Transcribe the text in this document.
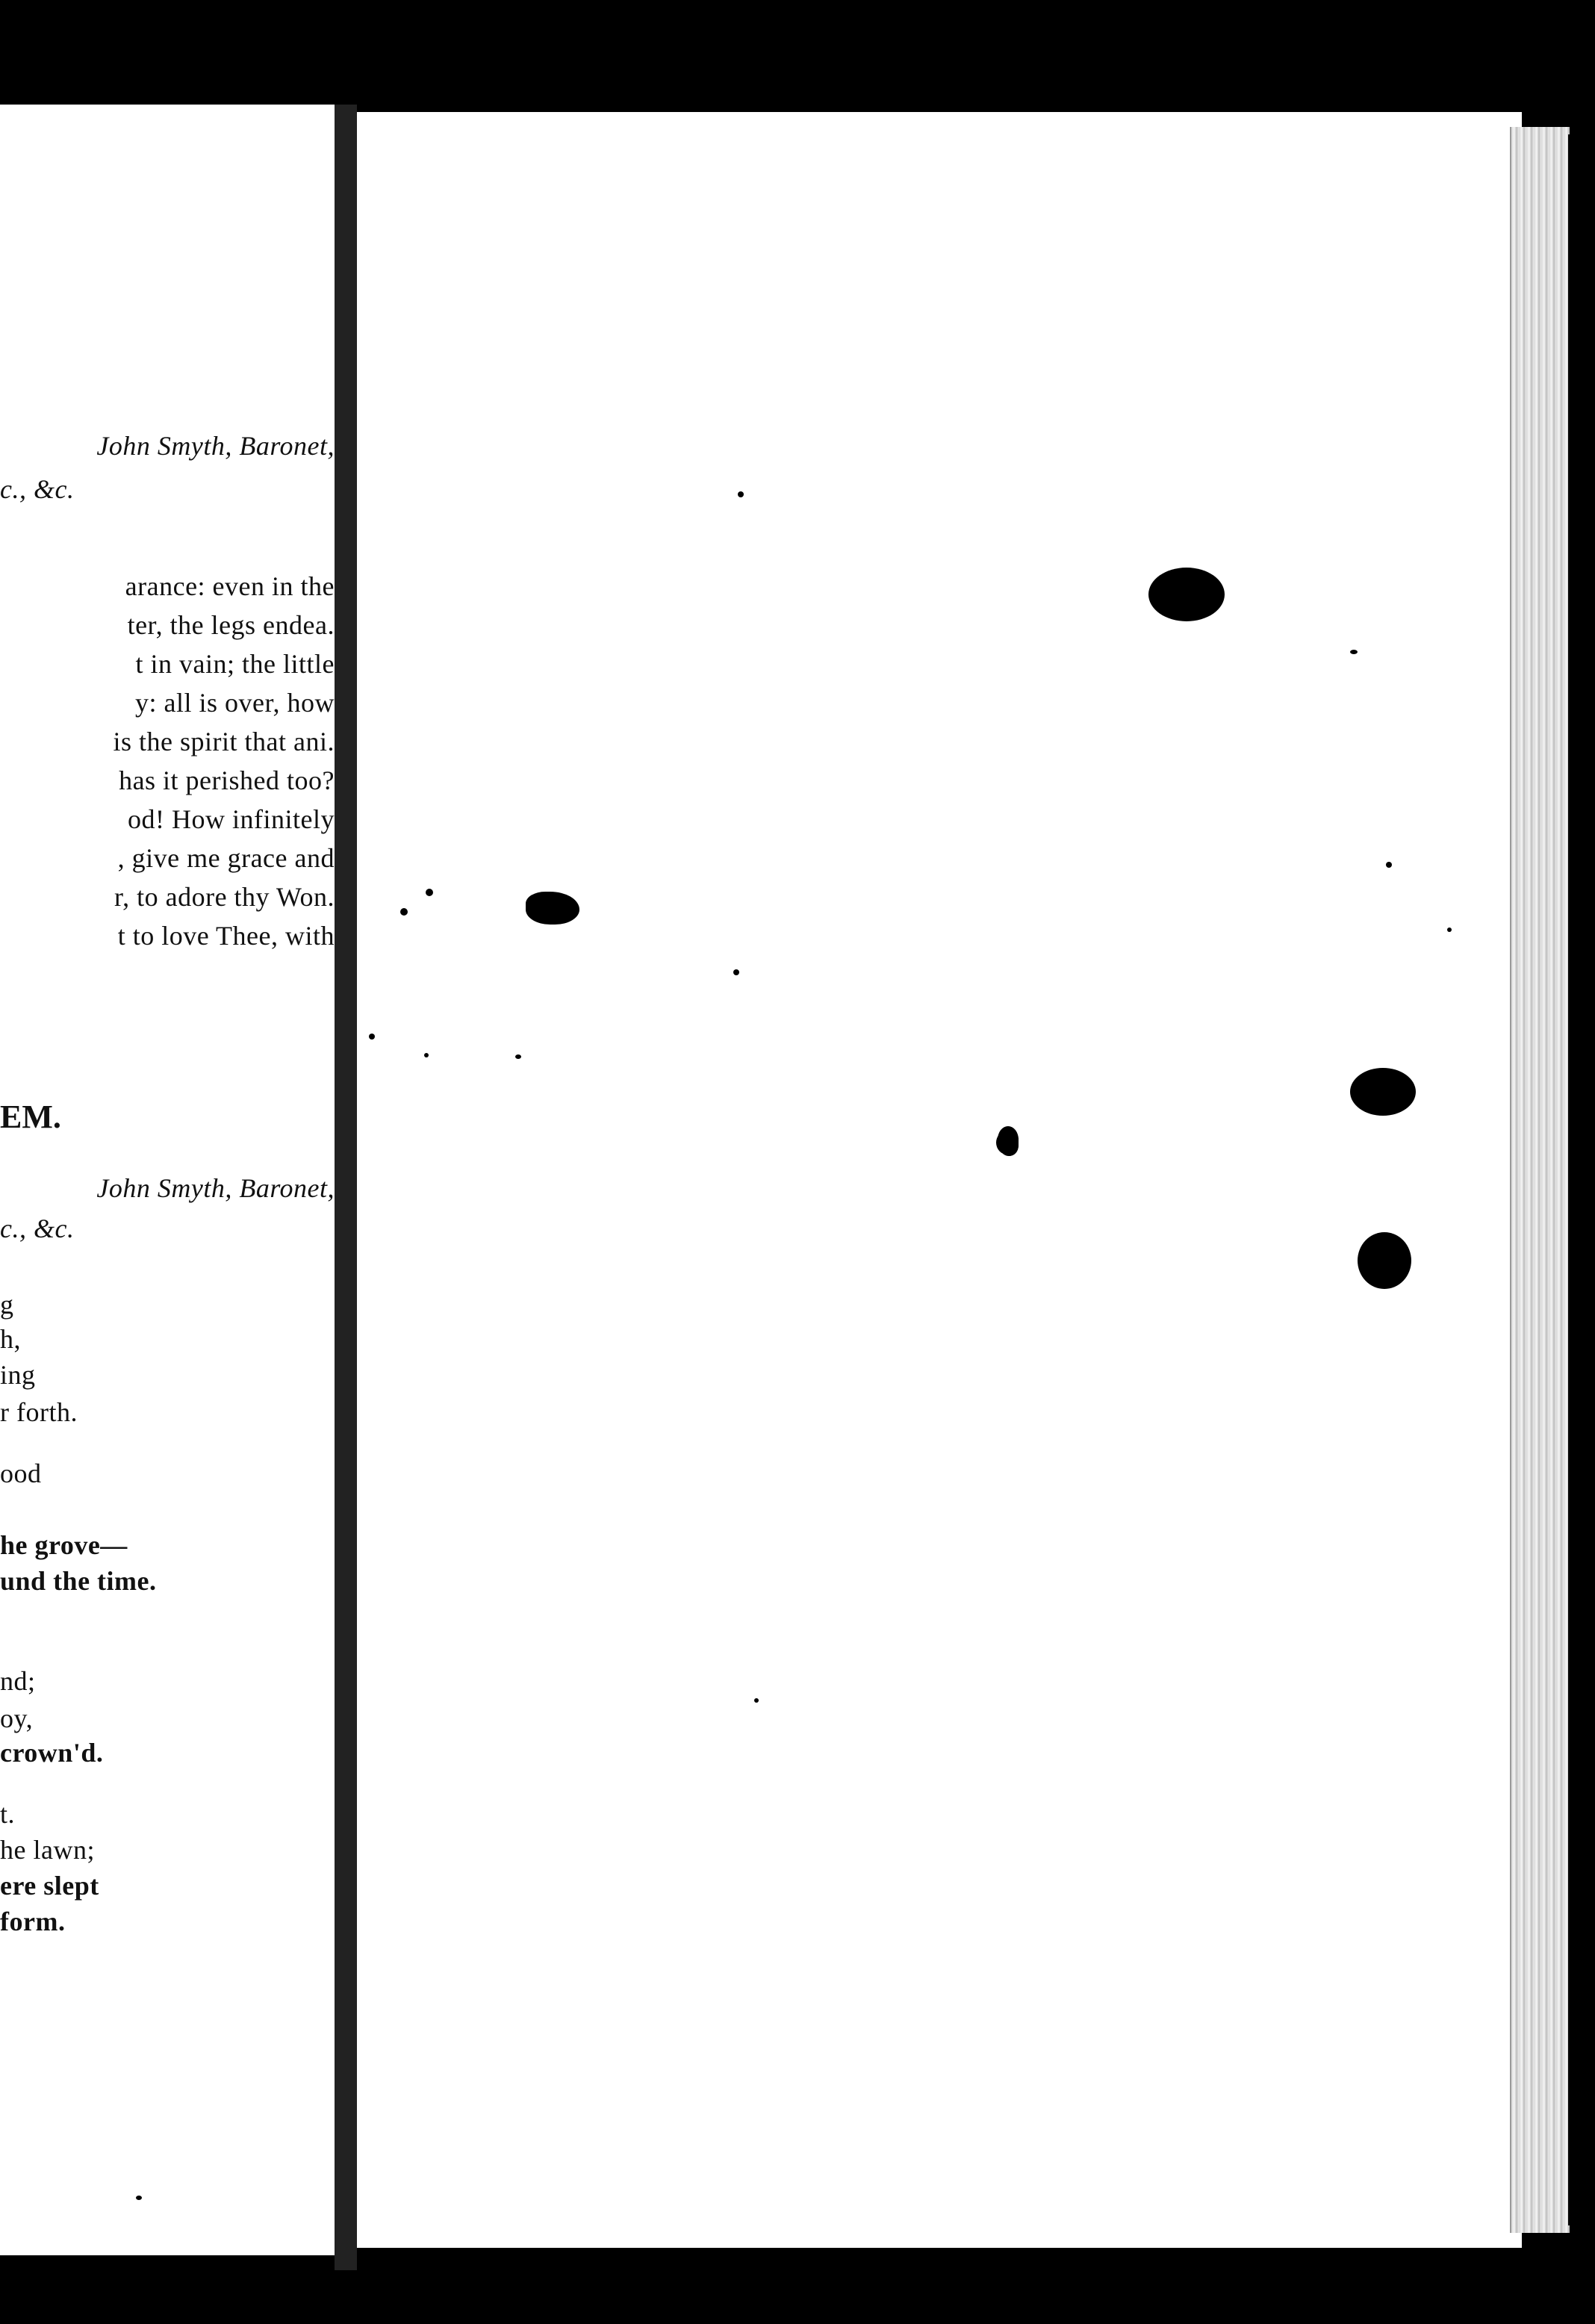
John Smyth, Baronet,
c., &c.
arance: even in the
ter, the legs endea.
t in vain; the little
y: all is over, how
is the spirit that ani.
has it perished too?
od! How infinitely
, give me grace and
r, to adore thy Won.
t to love Thee, with
EM.
John Smyth, Baronet,
c., &c.
g
h,
ing
r forth.
ood
he grove—
und the time.
nd;
oy,
crown'd.
t.
he lawn;
ere slept
form.
